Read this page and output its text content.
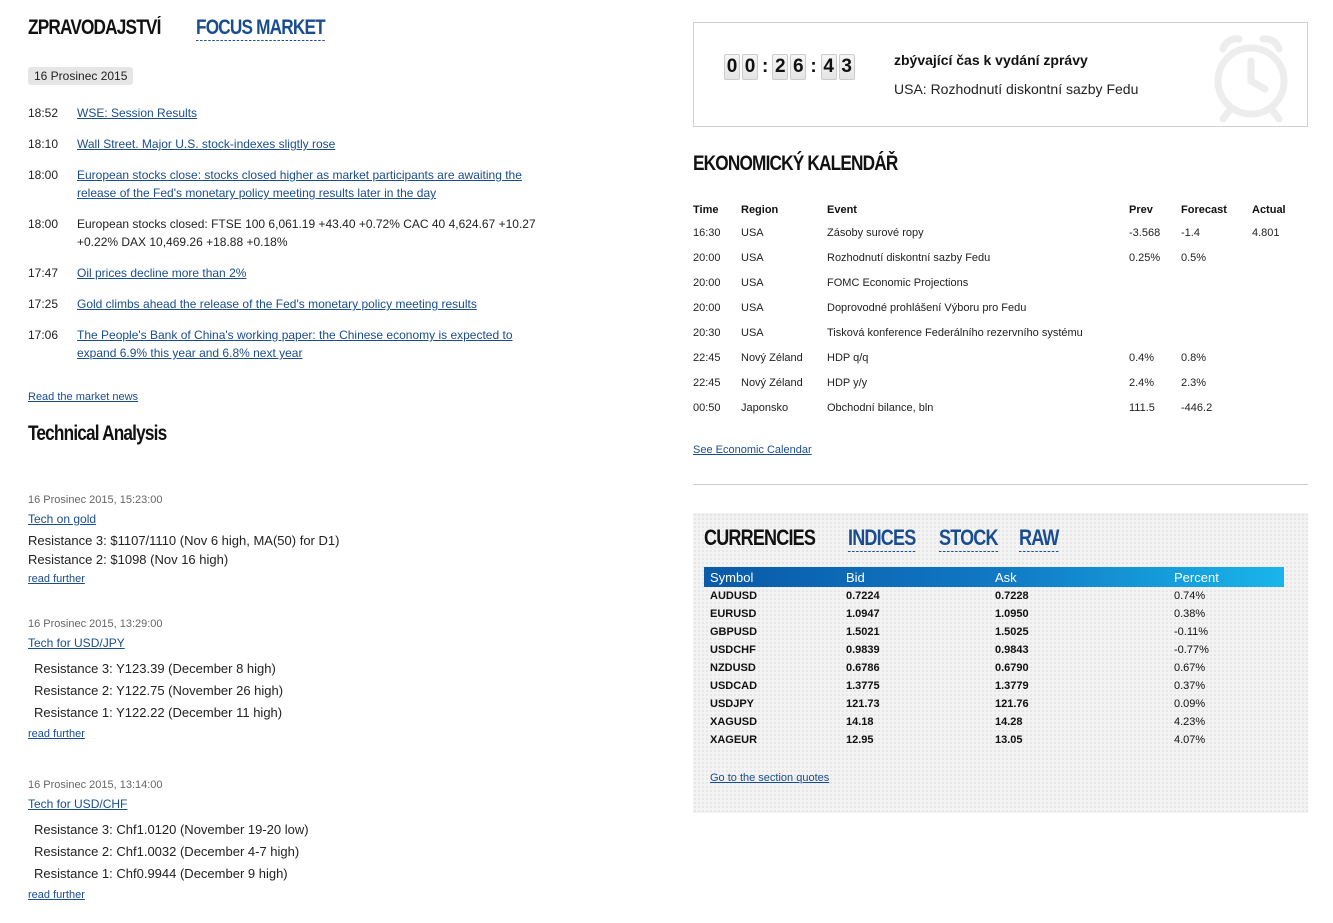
ZPRAVODAJSTVÍ FOCUS MARKET
16 Prosinec 2015
18:52	WSE: Session Results
18:10	Wall Street. Major U.S. stock-indexes sligtly rose
18:00	European stocks close: stocks closed higher as market participants are awaiting the release of the Fed's monetary policy meeting results later in the day
18:00	European stocks closed: FTSE 100 6,061.19 +43.40 +0.72% CAC 40 4,624.67 +10.27 +0.22% DAX 10,469.26 +18.88 +0.18%
17:47	Oil prices decline more than 2%
17:25	Gold climbs ahead the release of the Fed's monetary policy meeting results
17:06	The People's Bank of China's working paper: the Chinese economy is expected to expand 6.9% this year and 6.8% next year
Read the market news
Technical Analysis
16 Prosinec 2015, 15:23:00
Tech on gold
Resistance 3: $1107/1110 (Nov 6 high, MA(50) for D1)
Resistance 2: $1098 (Nov 16 high)
read further
16 Prosinec 2015, 13:29:00
Tech for USD/JPY
Resistance 3: Y123.39 (December 8 high)
Resistance 2: Y122.75 (November 26 high)
Resistance 1: Y122.22 (December 11 high)
read further
16 Prosinec 2015, 13:14:00
Tech for USD/CHF
Resistance 3: Chf1.0120 (November 19-20 low)
Resistance 2: Chf1.0032 (December 4-7 high)
Resistance 1: Chf0.9944 (December 9 high)
read further
0 0 : 2 6 : 4 3	zbývající čas k vydání zprávy
USA: Rozhodnutí diskontní sazby Fedu
EKONOMICKÝ KALENDÁŘ
Time	Region	Event	Prev	Forecast	Actual
16:30	USA	Zásoby surové ropy	-3.568	-1.4	4.801
20:00	USA	Rozhodnutí diskontní sazby Fedu	0.25%	0.5%	
20:00	USA	FOMC Economic Projections			
20:00	USA	Doprovodné prohlášení Výboru pro Fedu			
20:30	USA	Tisková konference Federálního rezervního systému			
22:45	Nový Zéland	HDP q/q	0.4%	0.8%	
22:45	Nový Zéland	HDP y/y	2.4%	2.3%	
00:50	Japonsko	Obchodní bilance, bln	111.5	-446.2	
See Economic Calendar
CURRENCIES INDICES STOCK RAW
Symbol	Bid	Ask	Percent
AUDUSD	0.7224	0.7228	0.74%
EURUSD	1.0947	1.0950	0.38%
GBPUSD	1.5021	1.5025	-0.11%
USDCHF	0.9839	0.9843	-0.77%
NZDUSD	0.6786	0.6790	0.67%
USDCAD	1.3775	1.3779	0.37%
USDJPY	121.73	121.76	0.09%
XAGUSD	14.18	14.28	4.23%
XAGEUR	12.95	13.05	4.07%
Go to the section quotes
